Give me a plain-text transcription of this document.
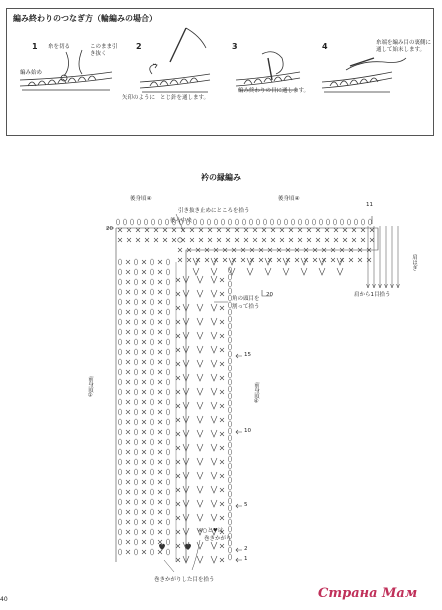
編み終わりのつなぎ方（輪編みの場合）
1 糸を切る	このまま引き抜く
編み始め
2
矢印のように とじ針を通します。
3
編み終わりの目に通します。
4	糸端を編み目の裏側に
通して始末します。
衿の縁編み
後身頃④	後身頃④
引き抜き止めにところを拾う
後ろ中央
20
11
肩はぎ
肩から1目拾う
角の頭目を
割って拾う
15
20
10
5
2
1
前身頃①	前身頃④
※○と♥は
巻きかがり
巻きかがりした目を拾う
40	Страна Мам
